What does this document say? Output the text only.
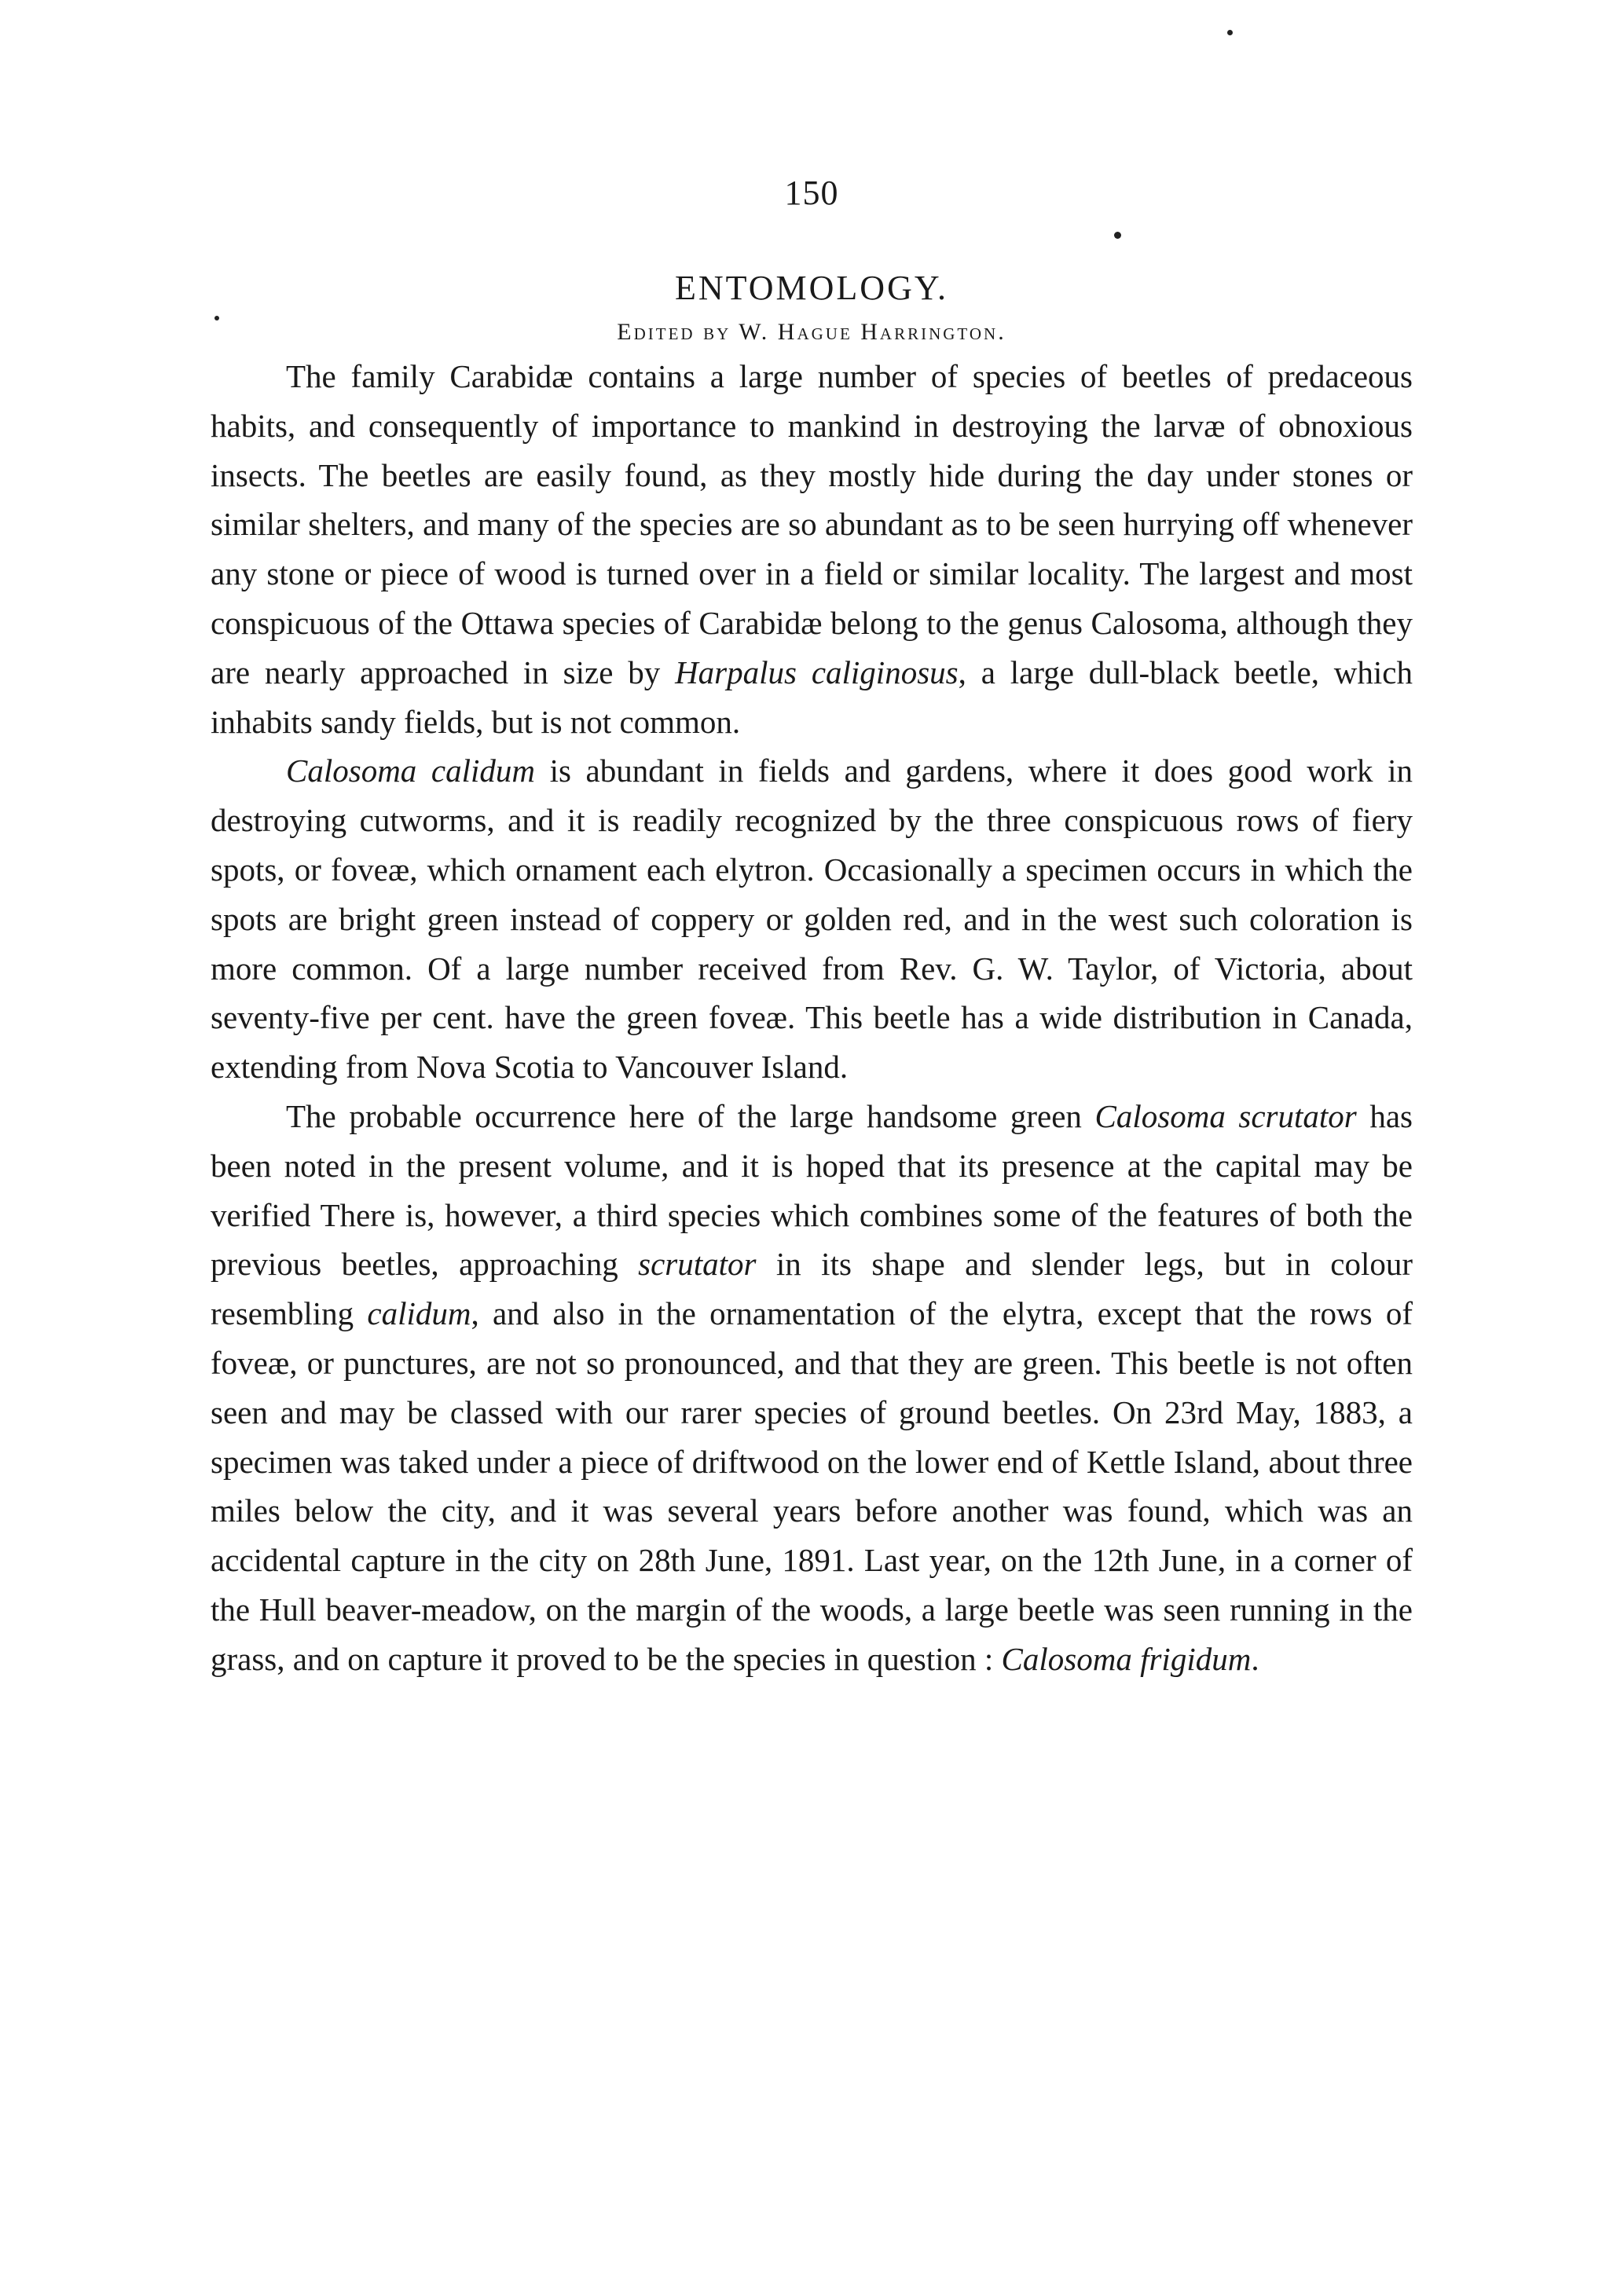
150
ENTOMOLOGY.
Edited by W. Hague Harrington.

The family Carabidæ contains a large number of species of beetles of predaceous habits, and consequently of importance to mankind in destroying the larvæ of obnoxious insects. The beetles are easily found, as they mostly hide during the day under stones or similar shelters, and many of the species are so abundant as to be seen hurrying off whenever any stone or piece of wood is turned over in a field or similar locality. The largest and most conspicuous of the Ottawa species of Carabidæ belong to the genus Calosoma, although they are nearly approached in size by Harpalus caliginosus, a large dull-black beetle, which inhabits sandy fields, but is not common.

Calosoma calidum is abundant in fields and gardens, where it does good work in destroying cutworms, and it is readily recognized by the three conspicuous rows of fiery spots, or foveæ, which ornament each elytron. Occasionally a specimen occurs in which the spots are bright green instead of coppery or golden red, and in the west such coloration is more common. Of a large number received from Rev. G. W. Taylor, of Victoria, about seventy-five per cent. have the green foveæ. This beetle has a wide distribution in Canada, extending from Nova Scotia to Vancouver Island.

The probable occurrence here of the large handsome green Calosoma scrutator has been noted in the present volume, and it is hoped that its presence at the capital may be verified There is, however, a third species which combines some of the features of both the previous beetles, approaching scrutator in its shape and slender legs, but in colour resembling calidum, and also in the ornamentation of the elytra, except that the rows of foveæ, or punctures, are not so pronounced, and that they are green. This beetle is not often seen and may be classed with our rarer species of ground beetles. On 23rd May, 1883, a specimen was taked under a piece of driftwood on the lower end of Kettle Island, about three miles below the city, and it was several years before another was found, which was an accidental capture in the city on 28th June, 1891. Last year, on the 12th June, in a corner of the Hull beaver-meadow, on the margin of the woods, a large beetle was seen running in the grass, and on capture it proved to be the species in question : Calosoma frigidum.
